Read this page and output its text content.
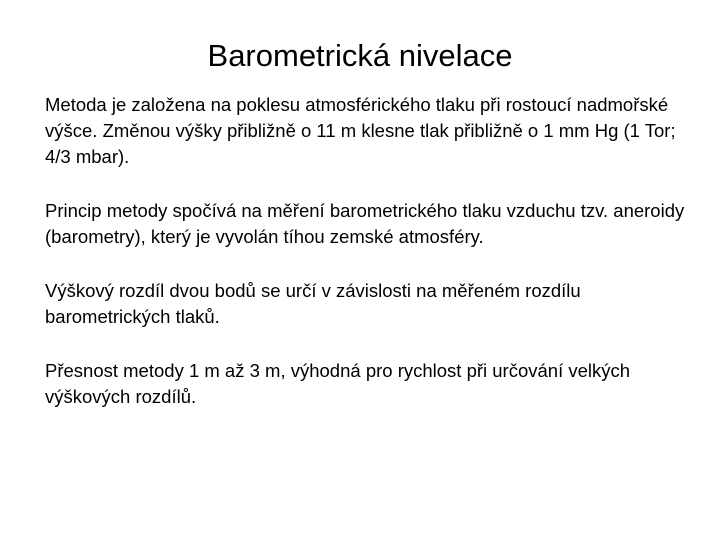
Barometrická nivelace

Metoda je založena na poklesu atmosférického tlaku při rostoucí nadmořské výšce. Změnou výšky přibližně o 11 m klesne tlak přibližně o 1 mm Hg (1 Tor; 4/3 mbar).

Princip metody spočívá na měření barometrického tlaku vzduchu tzv. aneroidy (barometry), který je vyvolán tíhou zemské atmosféry.

Výškový rozdíl dvou bodů se určí v závislosti na měřeném rozdílu barometrických tlaků.

Přesnost metody 1 m až 3 m, výhodná pro rychlost při určování velkých výškových rozdílů.
